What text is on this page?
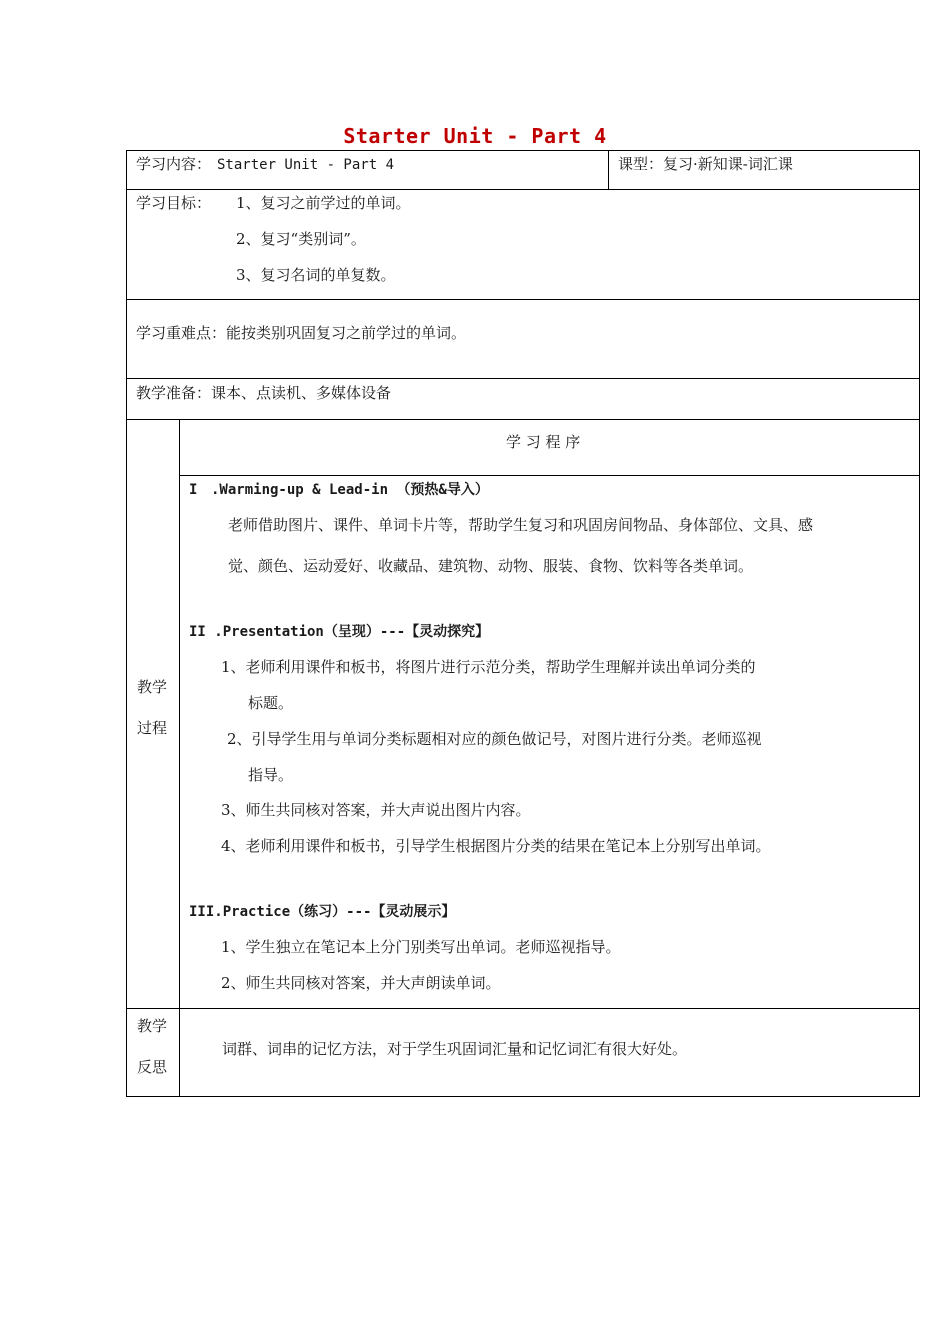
Starter Unit - Part 4
学习内容： Starter Unit - Part 4	课型：复习·新知课-词汇课
学习目标： 1、复习之前学过的单词。
2、复习“类别词”。
3、复习名词的单复数。
学习重难点：能按类别巩固复习之前学过的单词。
教学准备：课本、点读机、多媒体设备
教学
过程
学 习 程 序
I .Warming-up & Lead-in （预热&导入）
老师借助图片、课件、单词卡片等，帮助学生复习和巩固房间物品、身体部位、文具、感
觉、颜色、运动爱好、收藏品、建筑物、动物、服装、食物、饮料等各类单词。
II .Presentation（呈现）---【灵动探究】
1、老师利用课件和板书，将图片进行示范分类，帮助学生理解并读出单词分类的
标题。
2、引导学生用与单词分类标题相对应的颜色做记号，对图片进行分类。老师巡视
指导。
3、师生共同核对答案，并大声说出图片内容。
4、老师利用课件和板书，引导学生根据图片分类的结果在笔记本上分别写出单词。
III.Practice（练习）---【灵动展示】
1、学生独立在笔记本上分门别类写出单词。老师巡视指导。
2、师生共同核对答案，并大声朗读单词。
教学
反思
词群、词串的记忆方法，对于学生巩固词汇量和记忆词汇有很大好处。
